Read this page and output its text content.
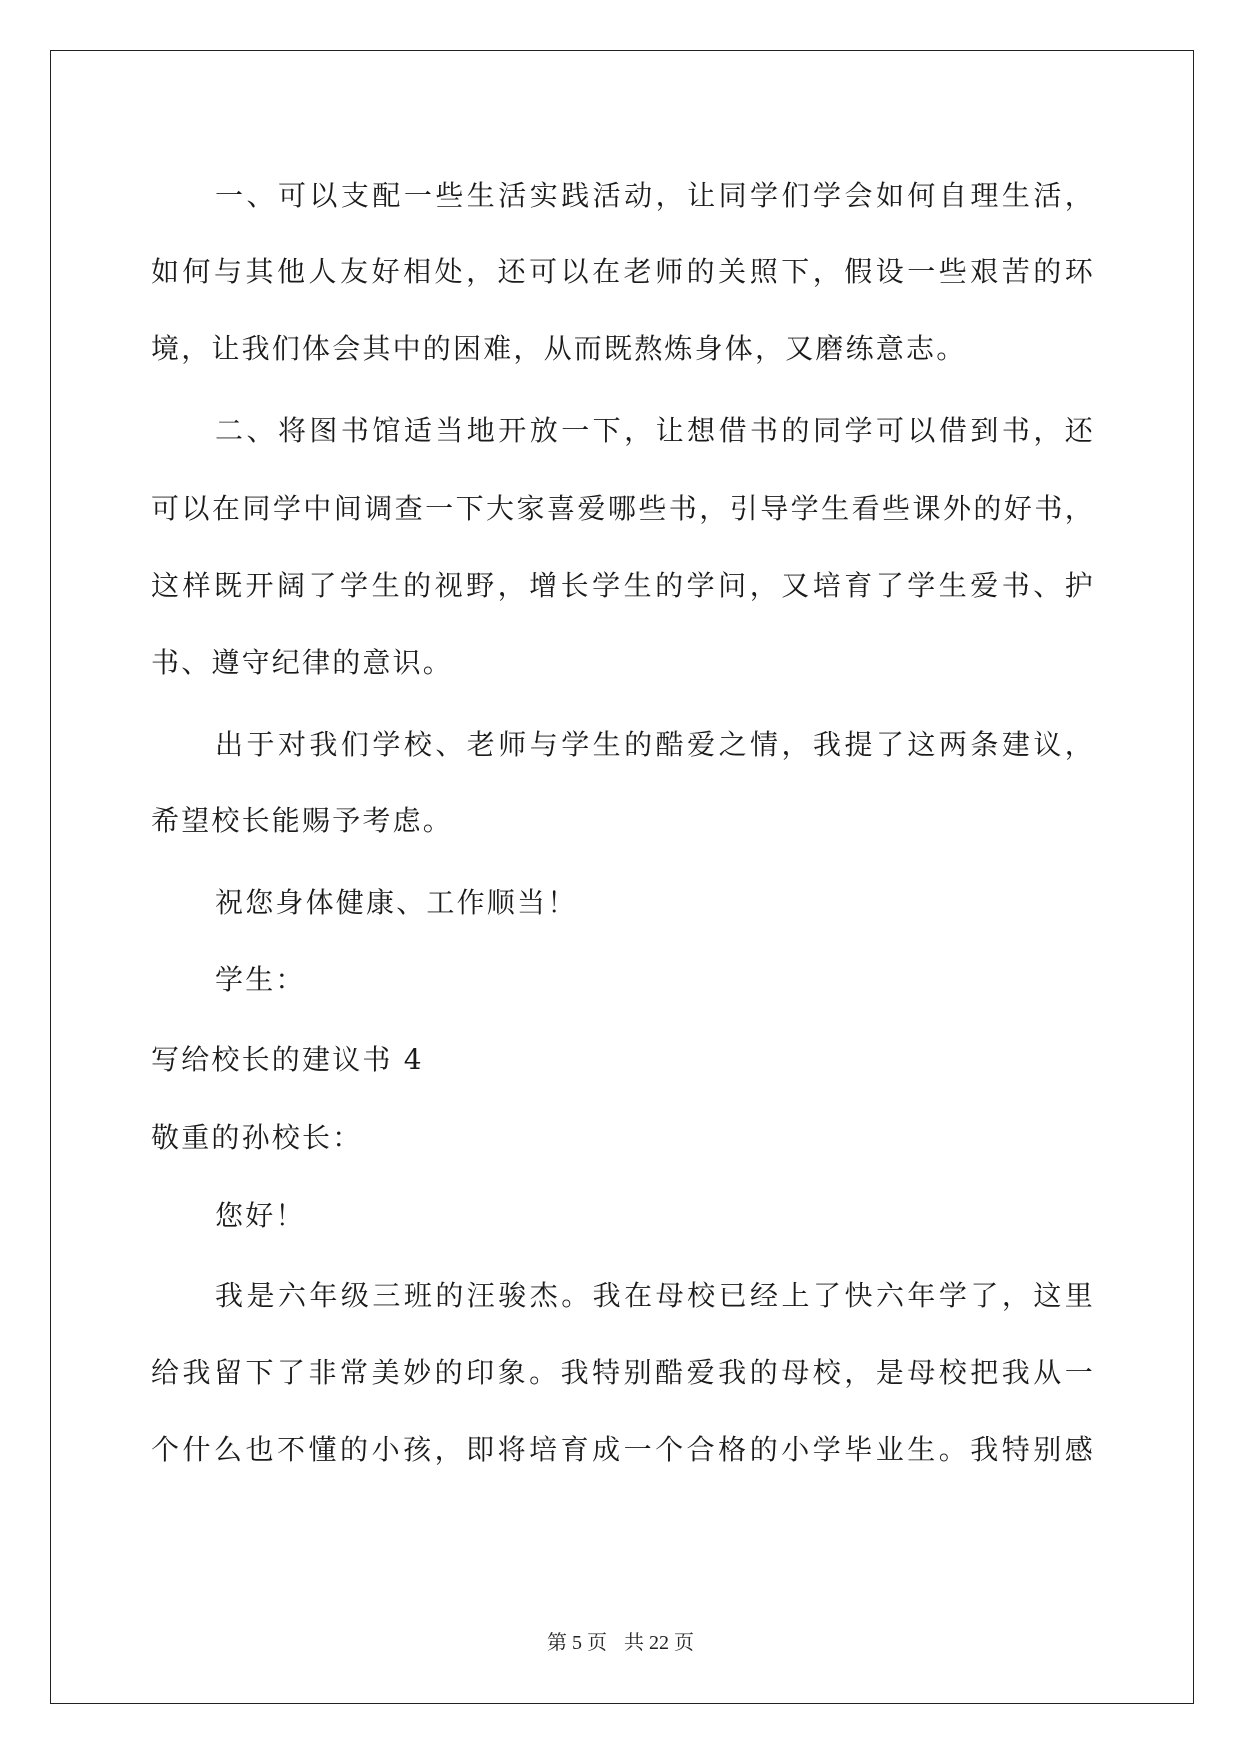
一、可以支配一些生活实践活动，让同学们学会如何自理生活，
如何与其他人友好相处，还可以在老师的关照下，假设一些艰苦的环
境，让我们体会其中的困难，从而既熬炼身体，又磨练意志。
二、将图书馆适当地开放一下，让想借书的同学可以借到书，还
可以在同学中间调查一下大家喜爱哪些书，引导学生看些课外的好书，
这样既开阔了学生的视野，增长学生的学问，又培育了学生爱书、护
书、遵守纪律的意识。
出于对我们学校、老师与学生的酷爱之情，我提了这两条建议，
希望校长能赐予考虑。
祝您身体健康、工作顺当！
学生：
写给校长的建议书 4
敬重的孙校长：
您好！
我是六年级三班的汪骏杰。我在母校已经上了快六年学了，这里
给我留下了非常美妙的印象。我特别酷爱我的母校，是母校把我从一
个什么也不懂的小孩，即将培育成一个合格的小学毕业生。我特别感
第 5 页 共 22 页
